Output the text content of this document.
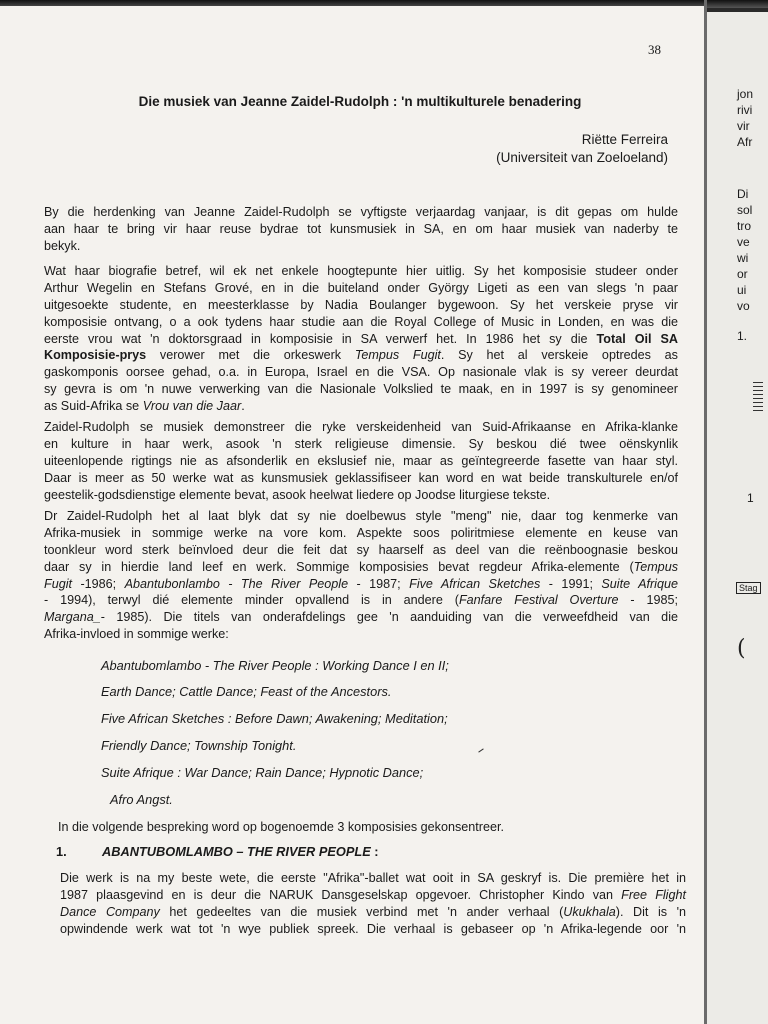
38
Die musiek van Jeanne Zaidel-Rudolph : 'n multikulturele benadering
Riëtte Ferreira
(Universiteit van Zoeloeland)
By die herdenking van Jeanne Zaidel-Rudolph se vyftigste verjaardag vanjaar, is dit gepas om hulde
aan haar te bring vir haar reuse bydrae tot kunsmusiek in SA, en om haar musiek van naderby te
bekyk.
Wat haar biografie betref, wil ek net enkele hoogtepunte hier uitlig. Sy het komposisie studeer onder
Arthur Wegelin en Stefans Grové, en in die buiteland onder György Ligeti as een van slegs 'n paar
uitgesoekte studente, en meesterklasse by Nadia Boulanger bygewoon. Sy het verskeie pryse vir
komposisie ontvang, o a ook tydens haar studie aan die Royal College of Music in Londen, en was die
eerste vrou wat 'n doktorsgraad in komposisie in SA verwerf het. In 1986 het sy die Total Oil SA
Komposisie-prys verower met die orkeswerk Tempus Fugit. Sy het al verskeie optredes as
gaskomponis oorsee gehad, o.a. in Europa, Israel en die VSA. Op nasionale vlak is sy vereer deurdat
sy gevra is om 'n nuwe verwerking van die Nasionale Volkslied te maak, en in 1997 is sy genomineer
as Suid-Afrika se Vrou van die Jaar.
Zaidel-Rudolph se musiek demonstreer die ryke verskeidenheid van Suid-Afrikaanse en Afrika-klanke
en kulture in haar werk, asook 'n sterk religieuse dimensie. Sy beskou dié twee oënskynlik
uiteenlopende rigtings nie as afsonderlik en ekslusief nie, maar as geïntegreerde fasette van haar styl.
Daar is meer as 50 werke wat as kunsmusiek geklassifiseer kan word en wat beide transkulturele en/of
geestelik-godsdienstige elemente bevat, asook heelwat liedere op Joodse liturgiese tekste.
Dr Zaidel-Rudolph het al laat blyk dat sy nie doelbewus style "meng" nie, daar tog kenmerke van
Afrika-musiek in sommige werke na vore kom. Aspekte soos poliritmiese elemente en keuse van
toonkleur word sterk beïnvloed deur die feit dat sy haarself as deel van die reënboognasie beskou
daar sy in hierdie land leef en werk. Sommige komposisies bevat regdeur Afrika-elemente (Tempus
Fugit -1986; Abantubonlambo - The River People - 1987; Five African Sketches - 1991; Suite Afrique
- 1994), terwyl dié elemente minder opvallend is in andere (Fanfare Festival Overture - 1985;
Margana_- 1985). Die titels van onderafdelings gee 'n aanduiding van die verweefdheid van die
Afrika-invloed in sommige werke:
Abantubomlambo - The River People : Working Dance I en II;
Earth Dance; Cattle Dance; Feast of the Ancestors.
Five African Sketches : Before Dawn; Awakening; Meditation;
Friendly Dance; Township Tonight.
Suite Afrique : War Dance; Rain Dance; Hypnotic Dance;
Afro Angst.
In die volgende bespreking word op bogenoemde 3 komposisies gekonsentreer.
1.	ABANTUBOMLAMBO – THE RIVER PEOPLE :
Die werk is na my beste wete, die eerste "Afrika"-ballet wat ooit in SA geskryf is. Die première het in
1987 plaasgevind en is deur die NARUK Dansgeselskap opgevoer. Christopher Kindo van Free Flight
Dance Company het gedeeltes van die musiek verbind met 'n ander verhaal (Ukukhala). Dit is 'n
opwindende werk wat tot 'n wye publiek spreek. Die verhaal is gebaseer op 'n Afrika-legende oor 'n
jon
rivi
vir
Afr
Di
sol
tro
ve
wi
or
ui
vo
1.
1
Stag
(
